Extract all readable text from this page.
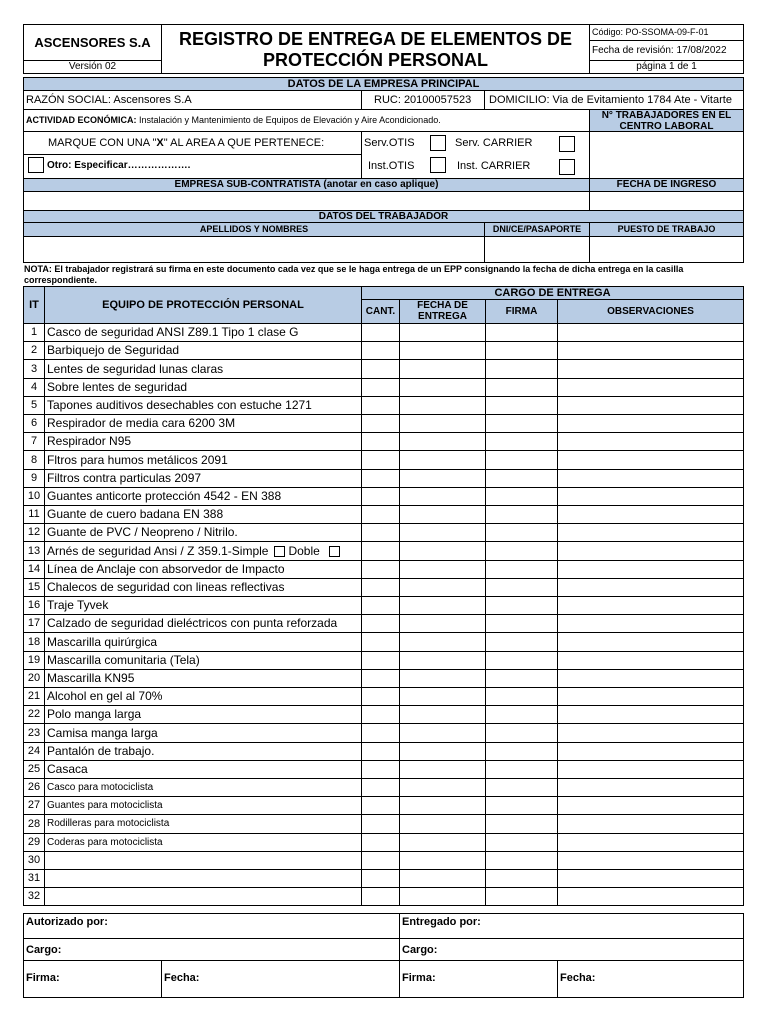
ASCENSORES S.A
Versión 02
REGISTRO DE ENTREGA DE ELEMENTOS DE
PROTECCIÓN PERSONAL
Código: PO-SSOMA-09-F-01
Fecha de revisión: 17/08/2022
página 1 de 1
DATOS DE LA EMPRESA PRINCIPAL
RAZÓN SOCIAL: Ascensores S.A	RUC: 20100057523	DOMICILIO: Via de Evitamiento 1784 Ate - Vitarte
ACTIVIDAD ECONÓMICA: Instalación y Mantenimiento de Equipos de Elevación y Aire Acondicionado.	N° TRABAJADORES EN EL CENTRO LABORAL
MARQUE CON UNA "X" AL AREA A QUE PERTENECE:
Otro: Especificar……………….
Serv.OTIS	Serv. CARRIER
Inst.OTIS	Inst. CARRIER
EMPRESA SUB-CONTRATISTA (anotar en caso aplique)	FECHA DE INGRESO
DATOS DEL TRABAJADOR
APELLIDOS Y NOMBRES	DNI/CE/PASAPORTE	PUESTO DE TRABAJO
NOTA: El trabajador registrará su firma en este documento cada vez que se le haga entrega de un EPP consignando la fecha de dicha entrega en la casilla correspondiente.
IT	EQUIPO DE PROTECCIÓN PERSONAL
CARGO DE ENTREGA
CANT.
FECHA DE ENTREGA	FIRMA	OBSERVACIONES
1 Casco de seguridad ANSI Z89.1 Tipo 1 clase G
2 Barbiquejo de Seguridad
3 Lentes de seguridad lunas claras
4 Sobre lentes de seguridad
5 Tapones auditivos desechables con estuche 1271
6 Respirador de media cara 6200 3M
7 Respirador N95
8 Fltros para humos metálicos 2091
9 Filtros contra particulas 2097
10 Guantes anticorte protección 4542 - EN 388
11 Guante de cuero badana EN 388
12 Guante de PVC / Neopreno / Nitrilo.
13 Arnés de seguridad Ansi / Z 359.1-Simple Doble
14 Línea de Anclaje con absorvedor de Impacto
15 Chalecos de seguridad con lineas reflectivas
16 Traje Tyvek
17 Calzado de seguridad dieléctricos con punta reforzada
18 Mascarilla quirúrgica
19 Mascarilla comunitaria (Tela)
20 Mascarilla KN95
21 Alcohol en gel al 70%
22 Polo manga larga
23 Camisa manga larga
24 Pantalón de trabajo.
25 Casaca
26 Casco para motociclista
27 Guantes para motociclista
28 Rodilleras para motociclista
29 Coderas para motociclista
30
31
32
Autorizado por:	Entregado por:
Cargo:	Cargo:
Firma:	Fecha:	Firma:	Fecha:
